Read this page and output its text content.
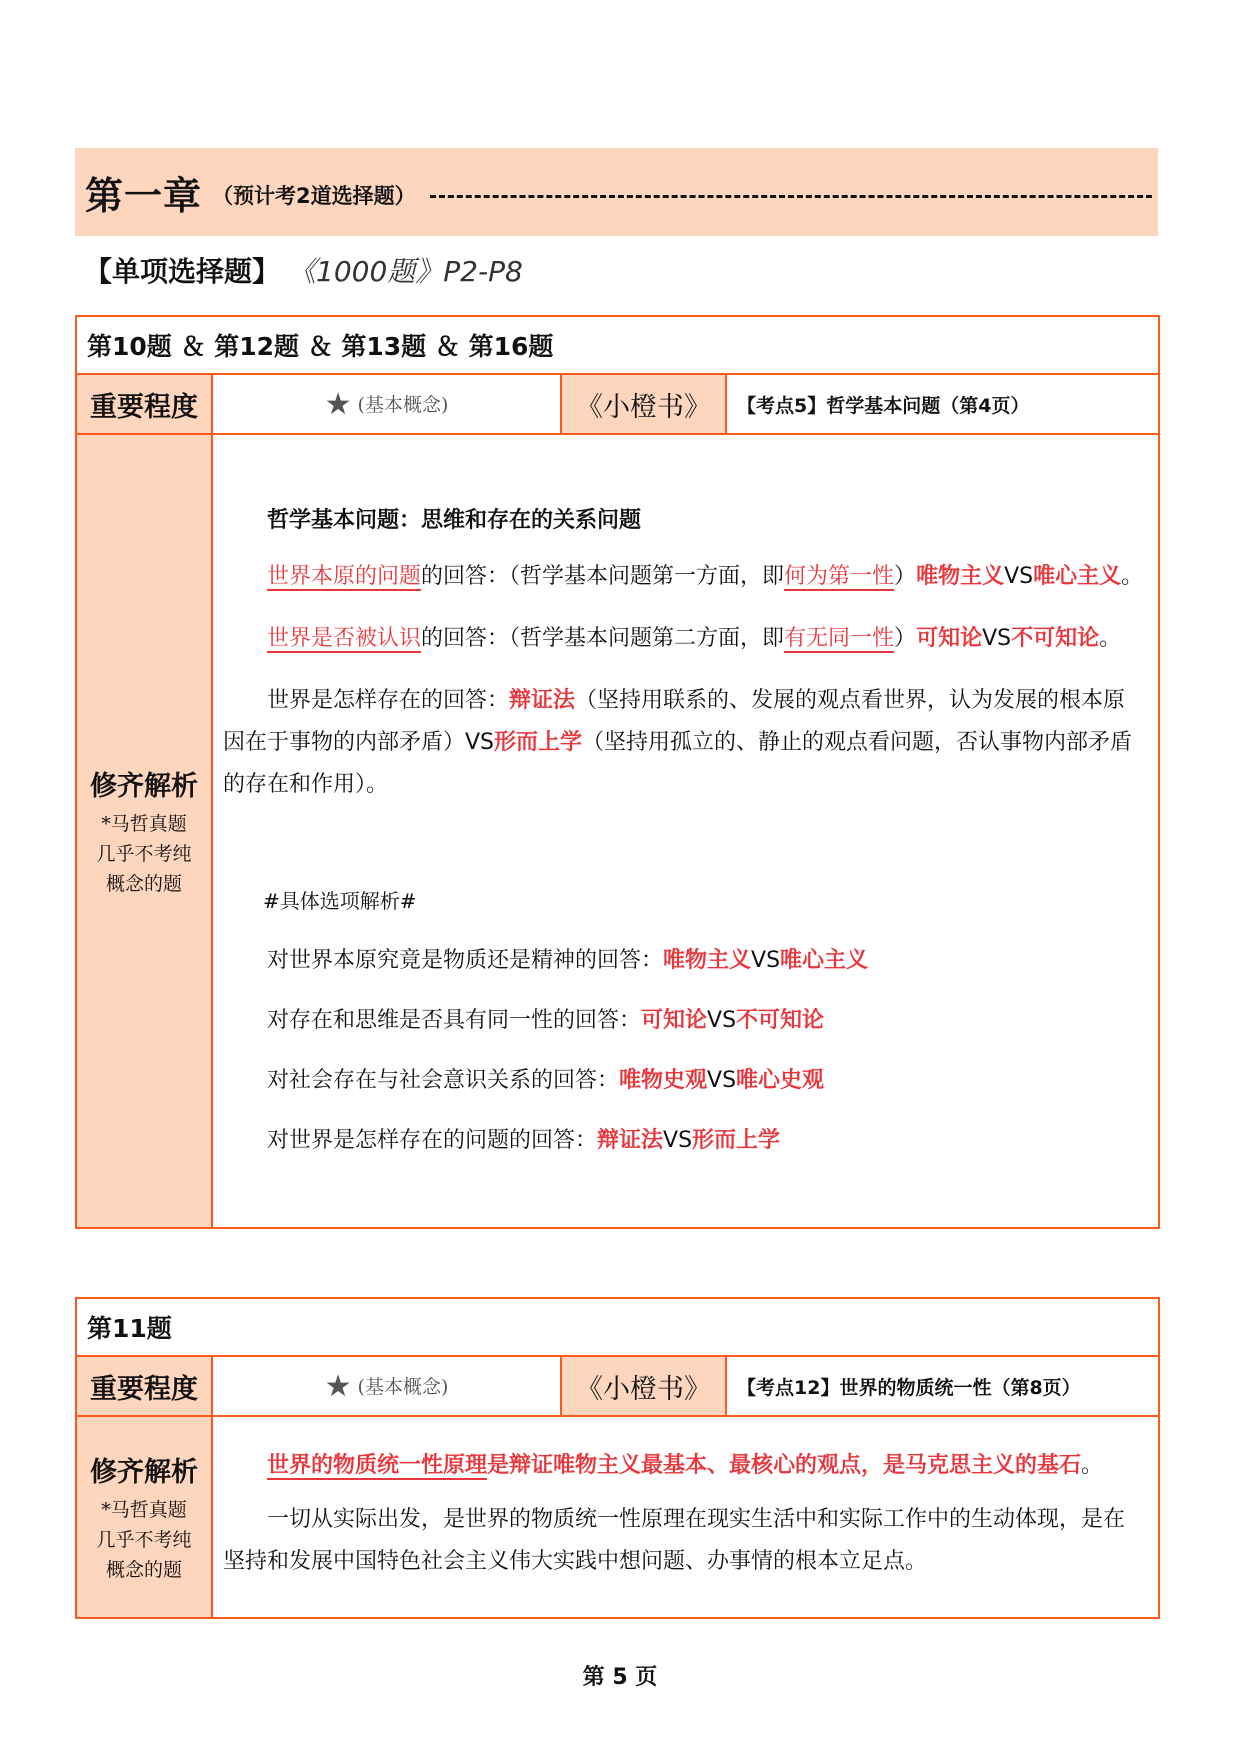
第一章 （预计考2道选择题）
【单项选择题】 《1000题》P2-P8
第10题 ＆ 第12题 ＆ 第13题 ＆ 第16题			
重要程度	★ (基本概念)	《小橙书》	【考点5】哲学基本问题（第4页）

修齐解析
*马哲真题几乎不考纯概念的题

哲学基本问题：思维和存在的关系问题

世界本原的问题的回答：（哲学基本问题第一方面，即何为第一性）唯物主义VS唯心主义。

世界是否被认识的回答：（哲学基本问题第二方面，即有无同一性）可知论VS不可知论。

世界是怎样存在的回答：辩证法（坚持用联系的、发展的观点看世界，认为发展的根本原因在于事物的内部矛盾）VS形而上学（坚持用孤立的、静止的观点看问题，否认事物内部矛盾的存在和作用）。

#具体选项解析#

对世界本原究竟是物质还是精神的回答：唯物主义VS唯心主义

对存在和思维是否具有同一性的回答：可知论VS不可知论

对社会存在与社会意识关系的回答：唯物史观VS唯心史观

对世界是怎样存在的问题的回答：辩证法VS形而上学

第11题			
重要程度	★ (基本概念)	《小橙书》	【考点12】世界的物质统一性（第8页）

修齐解析
*马哲真题几乎不考纯概念的题

世界的物质统一性原理是辩证唯物主义最基本、最核心的观点，是马克思主义的基石。

一切从实际出发，是世界的物质统一性原理在现实生活中和实际工作中的生动体现，是在坚持和发展中国特色社会主义伟大实践中想问题、办事情的根本立足点。

第 5 页
